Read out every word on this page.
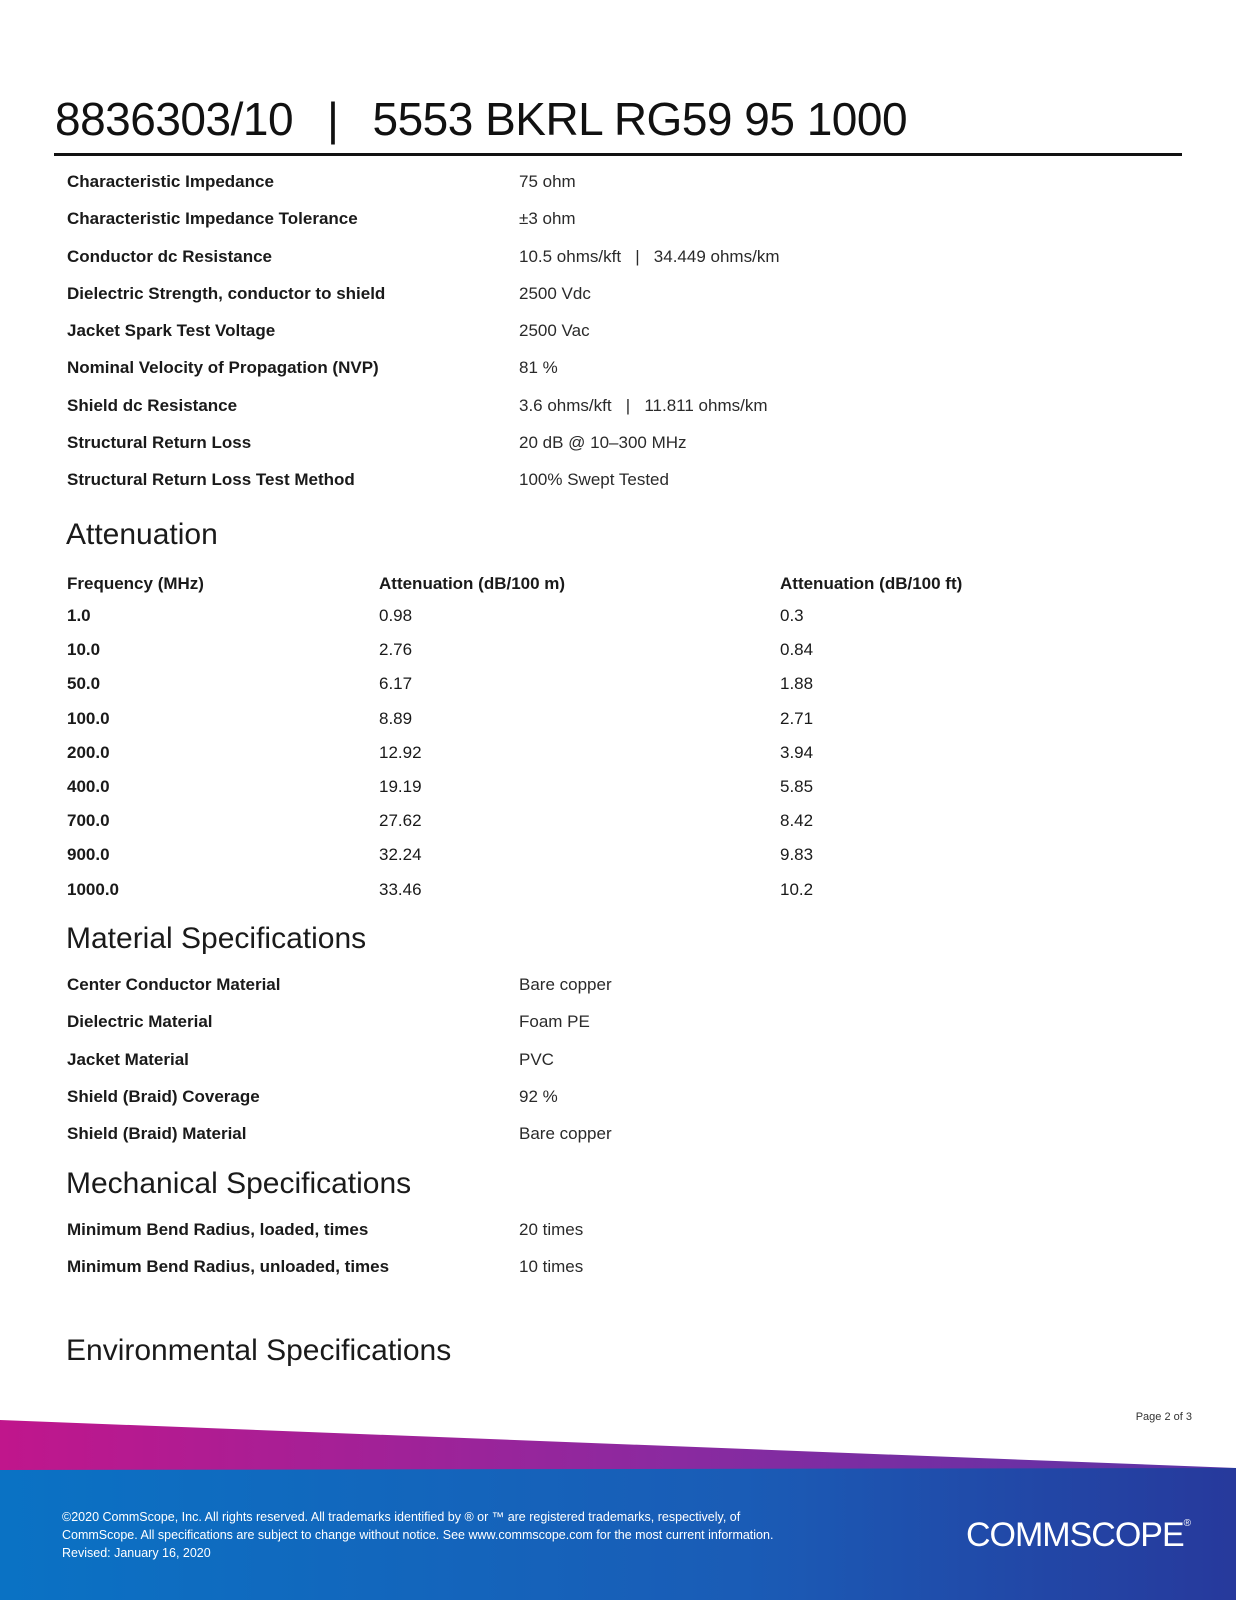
8836303/10 | 5553 BKRL RG59 95 1000
Characteristic Impedance	75 ohm
Characteristic Impedance Tolerance	±3 ohm
Conductor dc Resistance	10.5 ohms/kft   |   34.449 ohms/km
Dielectric Strength, conductor to shield	2500 Vdc
Jacket Spark Test Voltage	2500 Vac
Nominal Velocity of Propagation (NVP)	81 %
Shield dc Resistance	3.6 ohms/kft   |   11.811 ohms/km
Structural Return Loss	20 dB @ 10–300 MHz
Structural Return Loss Test Method	100% Swept Tested
Attenuation
Frequency (MHz)	Attenuation (dB/100 m)	Attenuation (dB/100 ft)
1.0	0.98	0.3
10.0	2.76	0.84
50.0	6.17	1.88
100.0	8.89	2.71
200.0	12.92	3.94
400.0	19.19	5.85
700.0	27.62	8.42
900.0	32.24	9.83
1000.0	33.46	10.2
Material Specifications
Center Conductor Material	Bare copper
Dielectric Material	Foam PE
Jacket Material	PVC
Shield (Braid) Coverage	92 %
Shield (Braid) Material	Bare copper
Mechanical Specifications
Minimum Bend Radius, loaded, times	20 times
Minimum Bend Radius, unloaded, times	10 times
Environmental Specifications
Page 2 of 3
©2020 CommScope, Inc. All rights reserved. All trademarks identified by ® or ™ are registered trademarks, respectively, of CommScope. All specifications are subject to change without notice. See www.commscope.com for the most current information. Revised: January 16, 2020	COMMSCOPE®
